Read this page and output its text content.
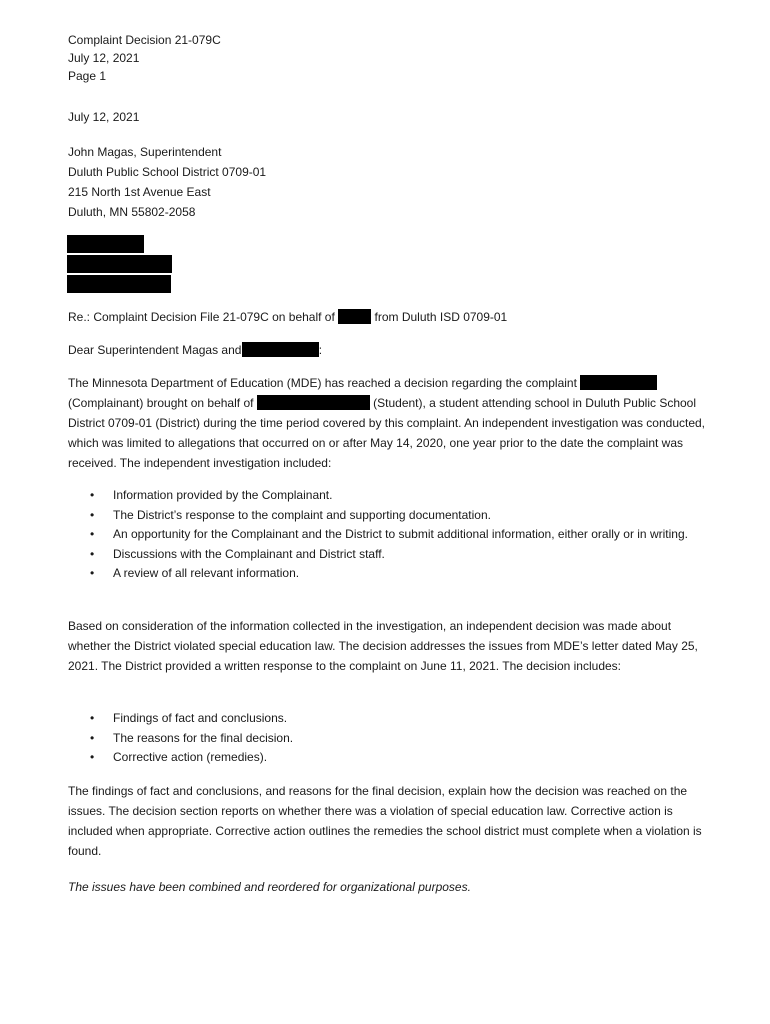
Complaint Decision 21-079C
July 12, 2021
Page 1
July 12, 2021
John Magas, Superintendent
Duluth Public School District 0709-01
215 North 1st Avenue East
Duluth, MN 55802-2058
Re.: Complaint Decision File 21-079C on behalf of	from Duluth ISD 0709-01
Dear Superintendent Magas and	:

The Minnesota Department of Education (MDE) has reached a decision regarding the complaint  (Complainant) brought on behalf of	(Student), a student attending school in Duluth Public School District 0709-01 (District) during the time period covered by this complaint. An independent investigation was conducted, which was limited to allegations that occurred on or after May 14, 2020, one year prior to the date the complaint was received. The independent investigation included:

• Information provided by the Complainant.
• The District’s response to the complaint and supporting documentation.
• An opportunity for the Complainant and the District to submit additional information, either orally or in writing.
• Discussions with the Complainant and District staff.
• A review of all relevant information.

Based on consideration of the information collected in the investigation, an independent decision was made about whether the District violated special education law. The decision addresses the issues from MDE’s letter dated May 25, 2021. The District provided a written response to the complaint on June 11, 2021. The decision includes:

• Findings of fact and conclusions.
• The reasons for the final decision.
• Corrective action (remedies).

The findings of fact and conclusions, and reasons for the final decision, explain how the decision was reached on the issues. The decision section reports on whether there was a violation of special education law. Corrective action is included when appropriate. Corrective action outlines the remedies the school district must complete when a violation is found.

The issues have been combined and reordered for organizational purposes.
